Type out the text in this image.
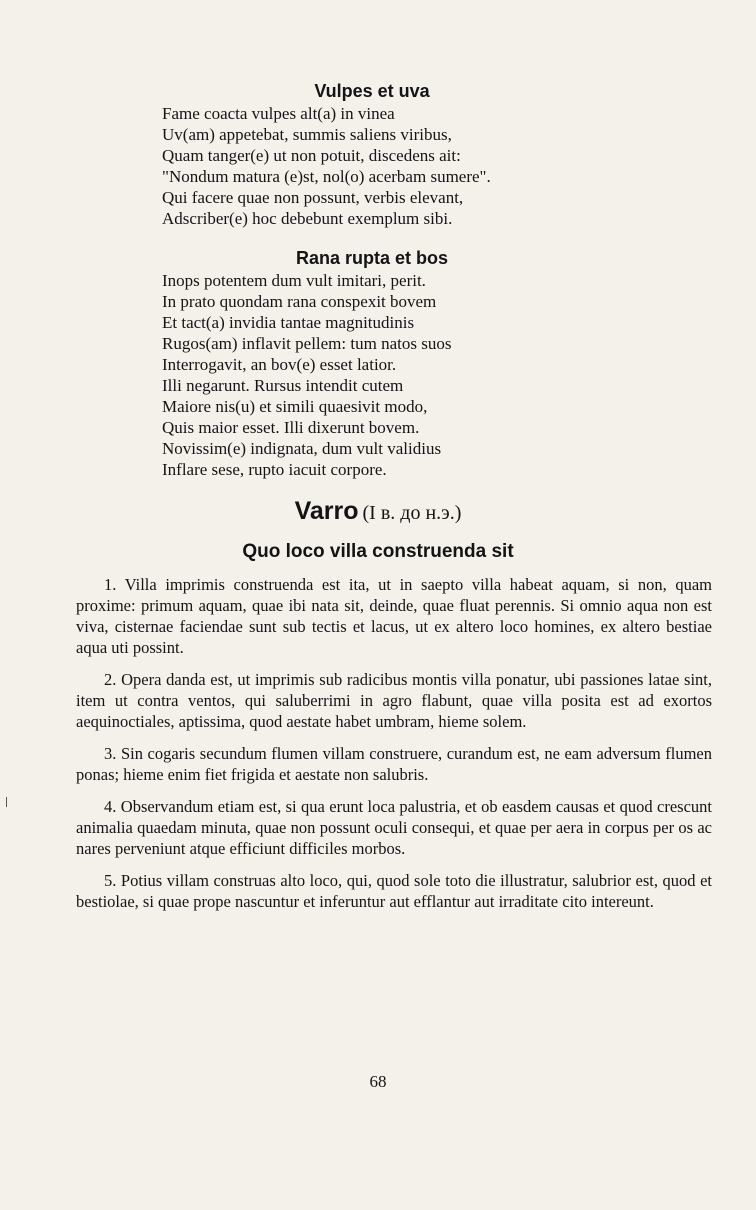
Vulpes et uva
Fame coacta vulpes alt(a) in vinea
Uv(am) appetebat, summis saliens viribus,
Quam tanger(e) ut non potuit, discedens ait:
"Nondum matura (e)st, nol(o) acerbam sumere".
Qui facere quae non possunt, verbis elevant,
Adscriber(e) hoc debebunt exemplum sibi.
Rana rupta et bos
Inops potentem dum vult imitari, perit.
In prato quondam rana conspexit bovem
Et tact(a) invidia tantae magnitudinis
Rugos(am) inflavit pellem: tum natos suos
Interrogavit, an bov(e) esset latior.
Illi negarunt. Rursus intendit cutem
Maiore nis(u) et simili quaesivit modo,
Quis maior esset. Illi dixerunt bovem.
Novissim(e) indignata, dum vult validius
Inflare sese, rupto iacuit corpore.
Varro (I в. до н.э.)
Quo loco villa construenda sit

1. Villa imprimis construenda est ita, ut in saepto villa habeat aquam, si non, quam proxime: primum aquam, quae ibi nata sit, deinde, quae fluat perennis. Si omnio aqua non est viva, cisternae faciendae sunt sub tectis et lacus, ut ex altero loco homines, ex altero bestiae aqua uti possint.

2. Opera danda est, ut imprimis sub radicibus montis villa ponatur, ubi passiones latae sint, item ut contra ventos, qui saluberrimi in agro flabunt, quae villa posita est ad exortos aequinoctiales, aptissima, quod aestate habet umbram, hieme solem.

3. Sin cogaris secundum flumen villam construere, curandum est, ne eam adversum flumen ponas; hieme enim fiet frigida et aestate non salubris.

4. Observandum etiam est, si qua erunt loca palustria, et ob easdem causas et quod crescunt animalia quaedam minuta, quae non possunt oculi consequi, et quae per aera in corpus per os ac nares perveniunt atque efficiunt difficiles morbos.

5. Potius villam construas alto loco, qui, quod sole toto die illustratur, salubrior est, quod et bestiolae, si quae prope nascuntur et inferuntur aut efflantur aut irraditate cito intereunt.

68
